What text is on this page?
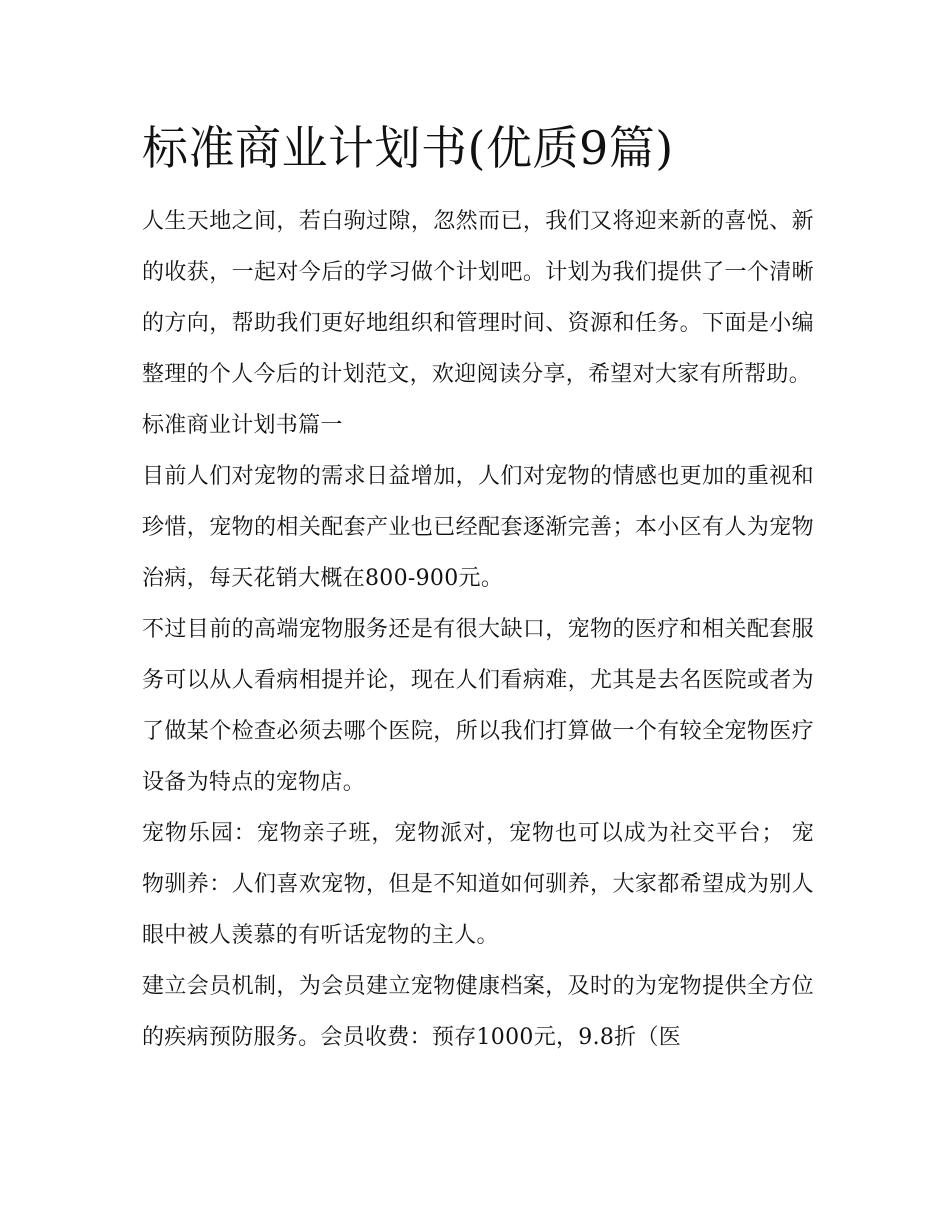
标准商业计划书(优质9篇)

人生天地之间，若白驹过隙，忽然而已，我们又将迎来新的喜悦、新的收获，一起对今后的学习做个计划吧。计划为我们提供了一个清晰的方向，帮助我们更好地组织和管理时间、资源和任务。下面是小编整理的个人今后的计划范文，欢迎阅读分享，希望对大家有所帮助。

标准商业计划书篇一

目前人们对宠物的需求日益增加，人们对宠物的情感也更加的重视和珍惜，宠物的相关配套产业也已经配套逐渐完善；本小区有人为宠物治病，每天花销大概在800-900元。

不过目前的高端宠物服务还是有很大缺口，宠物的医疗和相关配套服务可以从人看病相提并论，现在人们看病难，尤其是去名医院或者为了做某个检查必须去哪个医院，所以我们打算做一个有较全宠物医疗设备为特点的宠物店。

宠物乐园：宠物亲子班，宠物派对，宠物也可以成为社交平台； 宠物驯养：人们喜欢宠物，但是不知道如何驯养，大家都希望成为别人眼中被人羡慕的有听话宠物的主人。

建立会员机制，为会员建立宠物健康档案，及时的为宠物提供全方位的疾病预防服务。会员收费：预存1000元，9.8折（医
